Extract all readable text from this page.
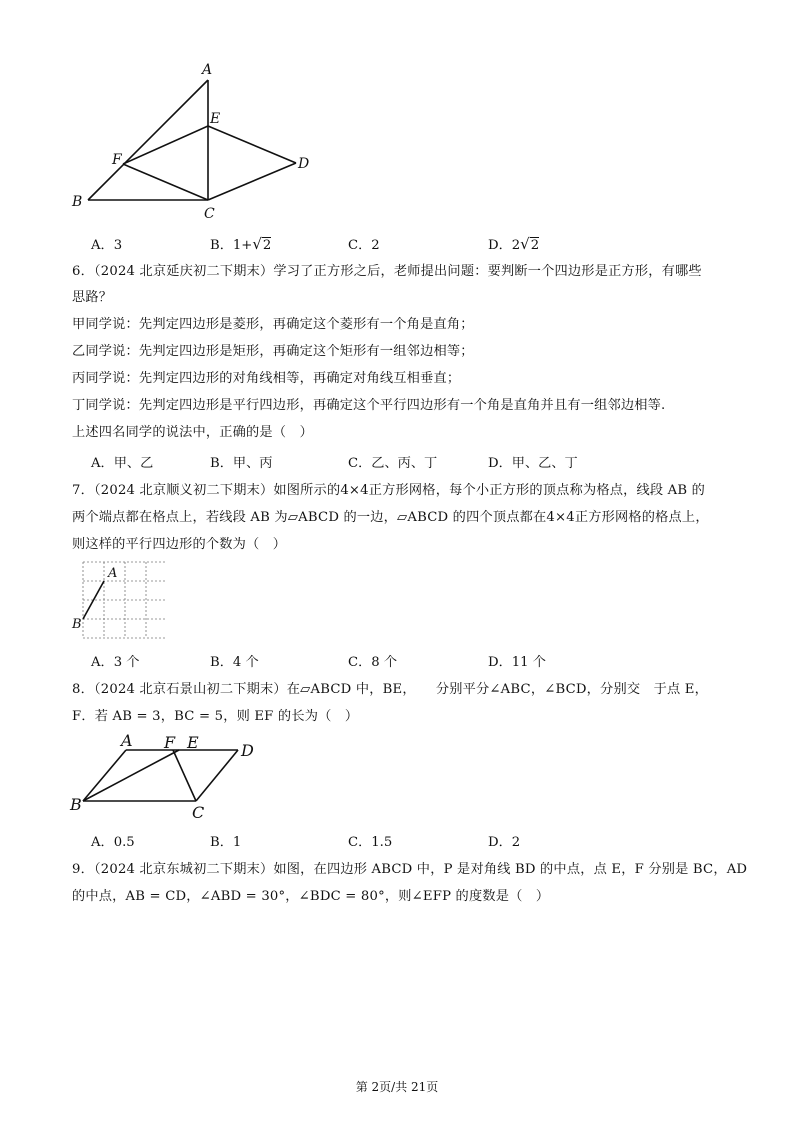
A
E
F	D
B
C
A．3	B．1+√2	C．2	D．2√2
6．（2024 北京延庆初二下期末）学习了正方形之后，老师提出问题：要判断一个四边形是正方形，有哪些
思路？
甲同学说：先判定四边形是菱形，再确定这个菱形有一个角是直角；
乙同学说：先判定四边形是矩形，再确定这个矩形有一组邻边相等；
丙同学说：先判定四边形的对角线相等，再确定对角线互相垂直；
丁同学说：先判定四边形是平行四边形，再确定这个平行四边形有一个角是直角并且有一组邻边相等.
上述四名同学的说法中，正确的是（　）
A．甲、乙	B．甲、丙	C．乙、丙、丁	D．甲、乙、丁
7．（2024 北京顺义初二下期末）如图所示的4×4正方形网格，每个小正方形的顶点称为格点，线段 AB 的
两个端点都在格点上，若线段 AB 为▱ABCD 的一边，▱ABCD 的四个顶点都在4×4正方形网格的格点上，
则这样的平行四边形的个数为（　）
A
B
A．3 个	B．4 个	C．8 个	D．11 个
8．（2024 北京石景山初二下期末）在▱ABCD 中，BE，　　分别平分∠ABC，∠BCD，分别交　于点 E，
F．若 AB = 3，BC = 5，则 EF 的长为（　）
A F E	D
B	C
A．0.5	B．1	C．1.5	D．2
9．（2024 北京东城初二下期末）如图，在四边形 ABCD 中，P 是对角线 BD 的中点，点 E，F 分别是 BC，AD
的中点，AB = CD，∠ABD = 30°，∠BDC = 80°，则∠EFP 的度数是（　）
第 2页/共 21页
